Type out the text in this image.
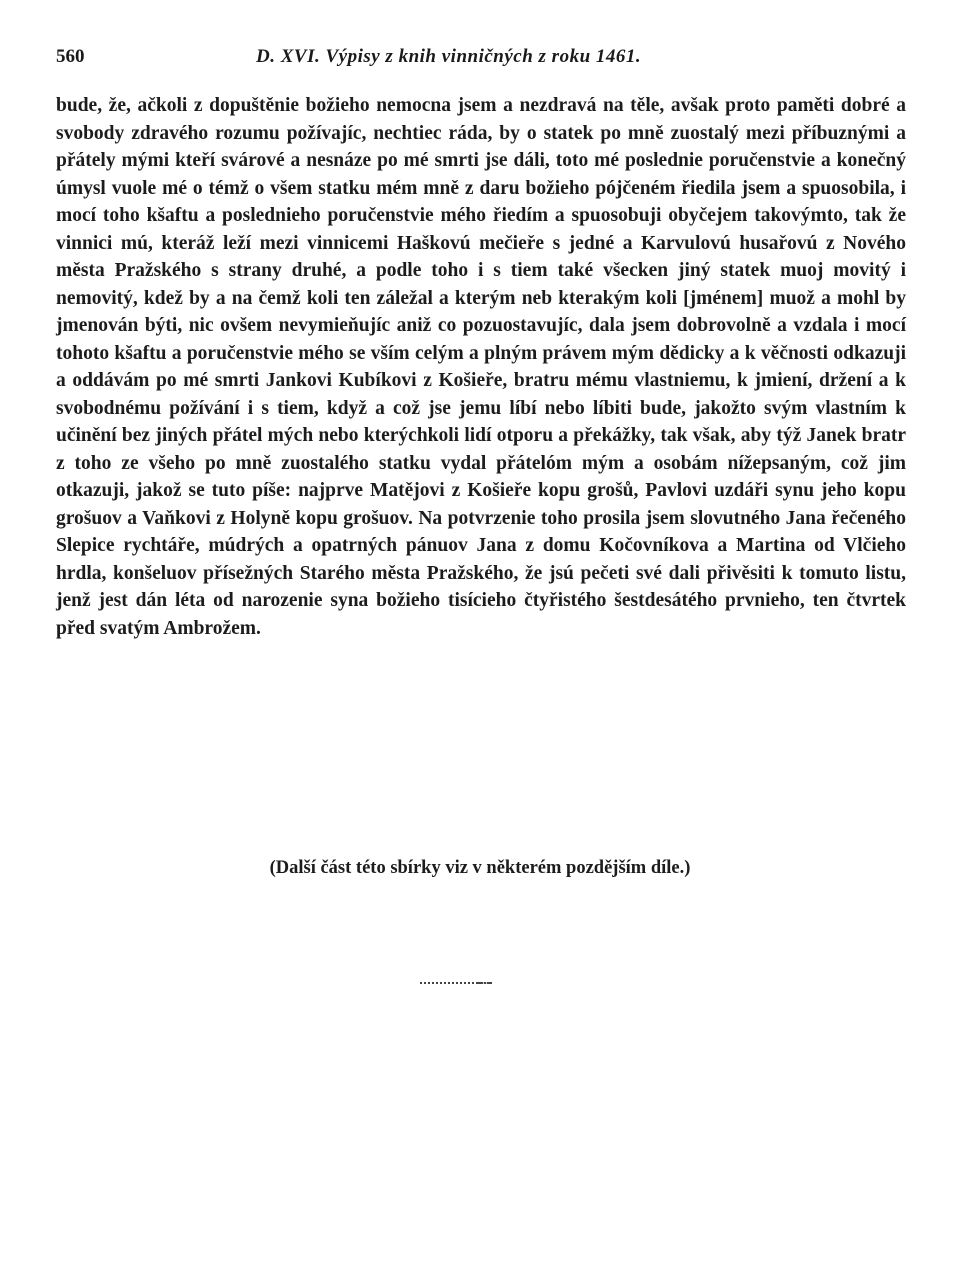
560	D. XVI. Výpisy z knih vinničných z roku 1461.

bude, že, ačkoli z dopuštěnie božieho nemocna jsem a nezdravá na těle, avšak proto paměti dobré a svobody zdravého rozumu požívajíc, nechtiec ráda, by o statek po mně zuostalý mezi příbuznými a přátely mými kteří svárové a nesnáze po mé smrti jse dáli, toto mé poslednie poručenstvie a konečný úmysl vuole mé o témž o všem statku mém mně z daru božieho pójčeném řiedila jsem a spuosobila, i mocí toho kšaftu a poslednieho poručenstvie mého řiedím a spuosobuji obyčejem takovýmto, tak že vinnici mú, kteráž leží mezi vinnicemi Haškovú mečieře s jedné a Karvulovú husařovú z Nového města Pražského s strany druhé, a podle toho i s tiem také všecken jiný statek muoj movitý i nemovitý, kdež by a na čemž koli ten záležal a kterým neb kterakým koli [jménem] muož a mohl by jmenován býti, nic ovšem nevymieňujíc aniž co pozuostavujíc, dala jsem dobrovolně a vzdala i mocí tohoto kšaftu a poručenstvie mého se vším celým a plným právem mým dědicky a k věčnosti odkazuji a oddávám po mé smrti Jankovi Kubíkovi z Košieře, bratru mému vlastniemu, k jmiení, držení a k svobodnému požívání i s tiem, když a což jse jemu líbí nebo líbiti bude, jakožto svým vlastním k učinění bez jiných přátel mých nebo kterýchkoli lidí otporu a překážky, tak však, aby týž Janek bratr z toho ze všeho po mně zuostalého statku vydal přátelóm mým a osobám nížepsaným, což jim otkazuji, jakož se tuto píše: najprve Matějovi z Košieře kopu grošů, Pavlovi uzdáři synu jeho kopu grošuov a Vaňkovi z Holyně kopu grošuov. Na potvrzenie toho prosila jsem slovutného Jana řečeného Slepice rychtáře, múdrých a opatrných pánuov Jana z domu Kočovníkova a Martina od Vlčieho hrdla, konšeluov přísežných Starého města Pražského, že jsú pečeti své dali přivěsiti k tomuto listu, jenž jest dán léta od narozenie syna božieho tisícieho čtyřistého šestdesátého prvnieho, ten čtvrtek před svatým Ambrožem.

(Další část této sbírky viz v některém pozdějším díle.)
